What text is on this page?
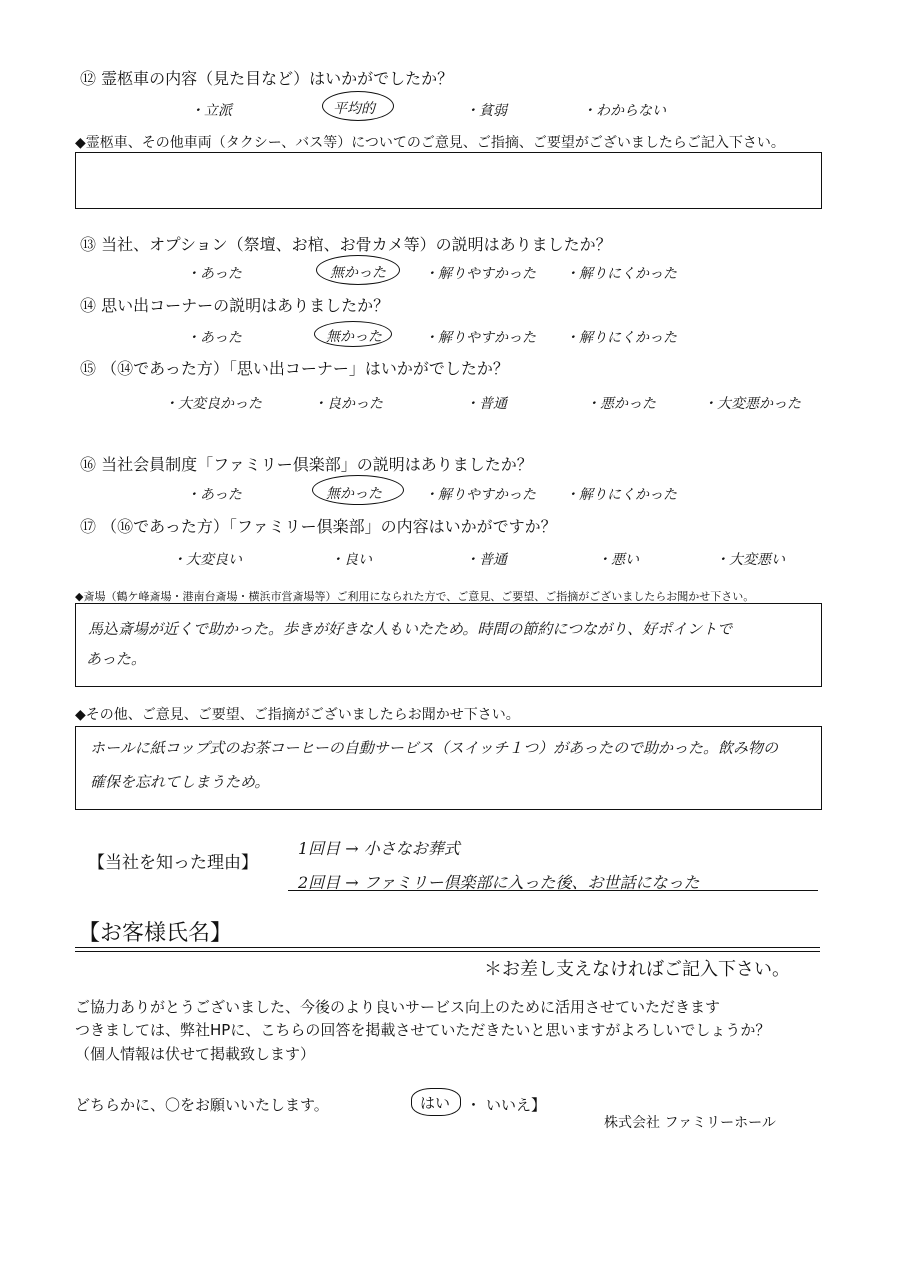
⑫ 霊柩車の内容（見た目など）はいかがでしたか？
・立派	平均的	・貧弱	・わからない
◆霊柩車、その他車両（タクシー、バス等）についてのご意見、ご指摘、ご要望がございましたらご記入下さい。
⑬ 当社、オプション（祭壇、お棺、お骨カメ等）の説明はありましたか？
・あった	無かった	・解りやすかった ・解りにくかった
⑭ 思い出コーナーの説明はありましたか？
・あった	無かった	・解りやすかった ・解りにくかった
⑮ （⑭であった方）「思い出コーナー」はいかがでしたか？
・大変良かった	・良かった	・普通	・悪かった	・大変悪かった
⑯ 当社会員制度「ファミリー倶楽部」の説明はありましたか？
・あった	無かった	・解りやすかった ・解りにくかった
⑰ （⑯であった方）「ファミリー倶楽部」の内容はいかがですか？
・大変良い	・良い	・普通	・悪い	・大変悪い
◆斎場（鶴ケ峰斎場・港南台斎場・横浜市営斎場等）ご利用になられた方で、ご意見、ご要望、ご指摘がございましたらお聞かせ下さい。
馬込斎場が近くで助かった。歩きが好きな人もいたため。時間の節約につながり、好ポイントで
あった。
◆その他、ご意見、ご要望、ご指摘がございましたらお聞かせ下さい。
ホールに紙コップ式のお茶コーヒーの自動サービス（スイッチ１つ）があったので助かった。飲み物の
確保を忘れてしまうため。
【当社を知った理由】
1回目 → 小さなお葬式
2回目 → ファミリー倶楽部に入った後、お世話になった
【お客様氏名】
＊お差し支えなければご記入下さい。
ご協力ありがとうございました、今後のより良いサービス向上のために活用させていただきます
つきましては、弊社HPに、こちらの回答を掲載させていただきたいと思いますがよろしいでしょうか？
（個人情報は伏せて掲載致します）
どちらかに、〇をお願いいたします。	はい ・ いいえ】
株式会社 ファミリーホール
